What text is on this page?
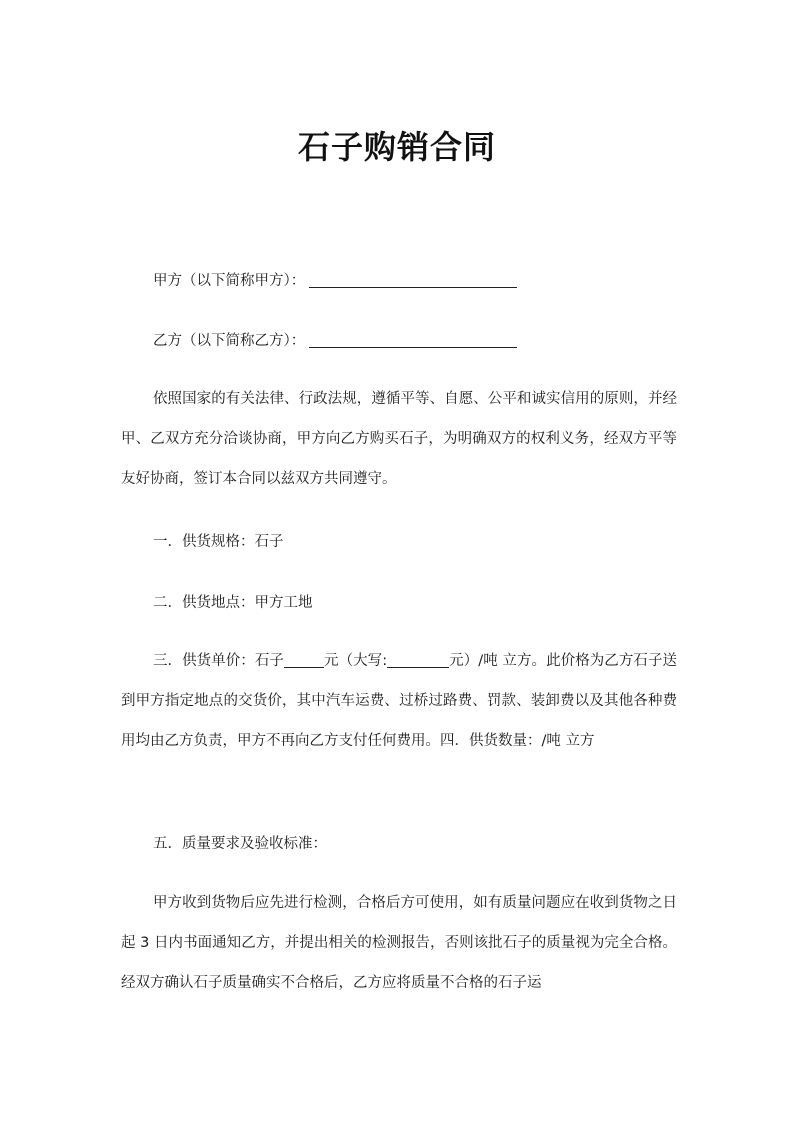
石子购销合同
甲方（以下简称甲方）：
乙方（以下简称乙方）：

依照国家的有关法律、行政法规，遵循平等、自愿、公平和诚实信用的原则，并经甲、乙双方充分洽谈协商，甲方向乙方购买石子，为明确双方的权利义务，经双方平等友好协商，签订本合同以兹双方共同遵守。

一．供货规格：石子
二．供货地点：甲方工地

三．供货单价：石子	元（大写:	元）/吨 立方。此价格为乙方石子送到甲方指定地点的交货价，其中汽车运费、过桥过路费、罚款、装卸费以及其他各种费用均由乙方负责，甲方不再向乙方支付任何费用。四．供货数量：/吨 立方

五．质量要求及验收标准：

甲方收到货物后应先进行检测，合格后方可使用，如有质量问题应在收到货物之日起 3 日内书面通知乙方，并提出相关的检测报告，否则该批石子的质量视为完全合格。经双方确认石子质量确实不合格后，乙方应将质量不合格的石子运
